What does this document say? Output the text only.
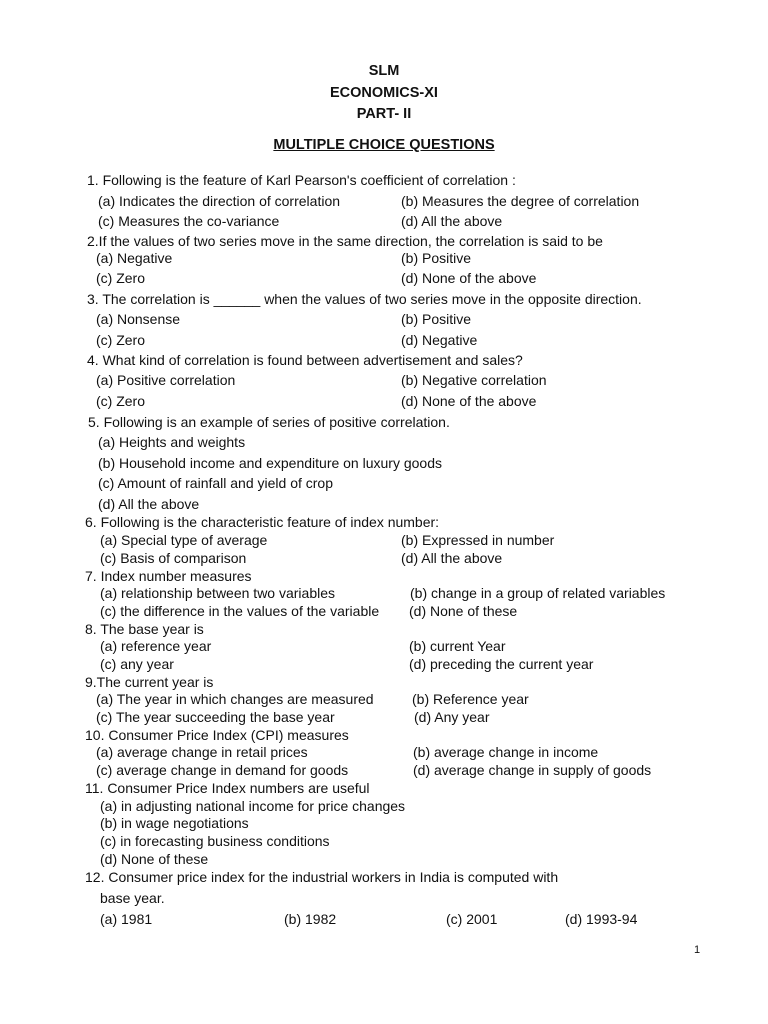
SLM
ECONOMICS-XI
PART- II
MULTIPLE CHOICE QUESTIONS
1. Following is the feature of Karl Pearson's coefficient of correlation :
(a) Indicates the direction of correlation	(b) Measures the degree of correlation
(c) Measures the co-variance	(d) All the above
2.If the values of two series move in the same direction, the correlation is said to be
(a) Negative	(b) Positive
(c) Zero	(d) None of the above
3. The correlation is ______ when the values of two series move in the opposite direction.
(a) Nonsense	(b) Positive
(c) Zero	(d) Negative
4. What kind of correlation is found between advertisement and sales?
(a) Positive correlation	(b) Negative correlation
(c) Zero	(d) None of the above
5. Following is an example of series of positive correlation.
(a) Heights and weights
(b) Household income and expenditure on luxury goods
(c) Amount of rainfall and yield of crop
(d) All the above
6. Following is the characteristic feature of index number:
(a) Special type of average	(b) Expressed in number
(c) Basis of comparison	(d) All the above
7. Index number measures
(a) relationship between two variables	(b) change in a group of related variables
(c) the difference in the values of the variable (d) None of these
8. The base year is
(a) reference year	(b) current Year
(c) any year	(d) preceding the current year
9.The current year is
(a) The year in which changes are measured	(b) Reference year
(c) The year succeeding the base year	(d) Any year
10. Consumer Price Index (CPI) measures
(a) average change in retail prices	(b) average change in income
(c) average change in demand for goods	(d) average change in supply of goods
11. Consumer Price Index numbers are useful
(a) in adjusting national income for price changes
(b) in wage negotiations
(c) in forecasting business conditions
(d) None of these
12. Consumer price index for the industrial workers in India is computed with
base year.
(a) 1981	(b) 1982	(c) 2001	(d) 1993-94
1
